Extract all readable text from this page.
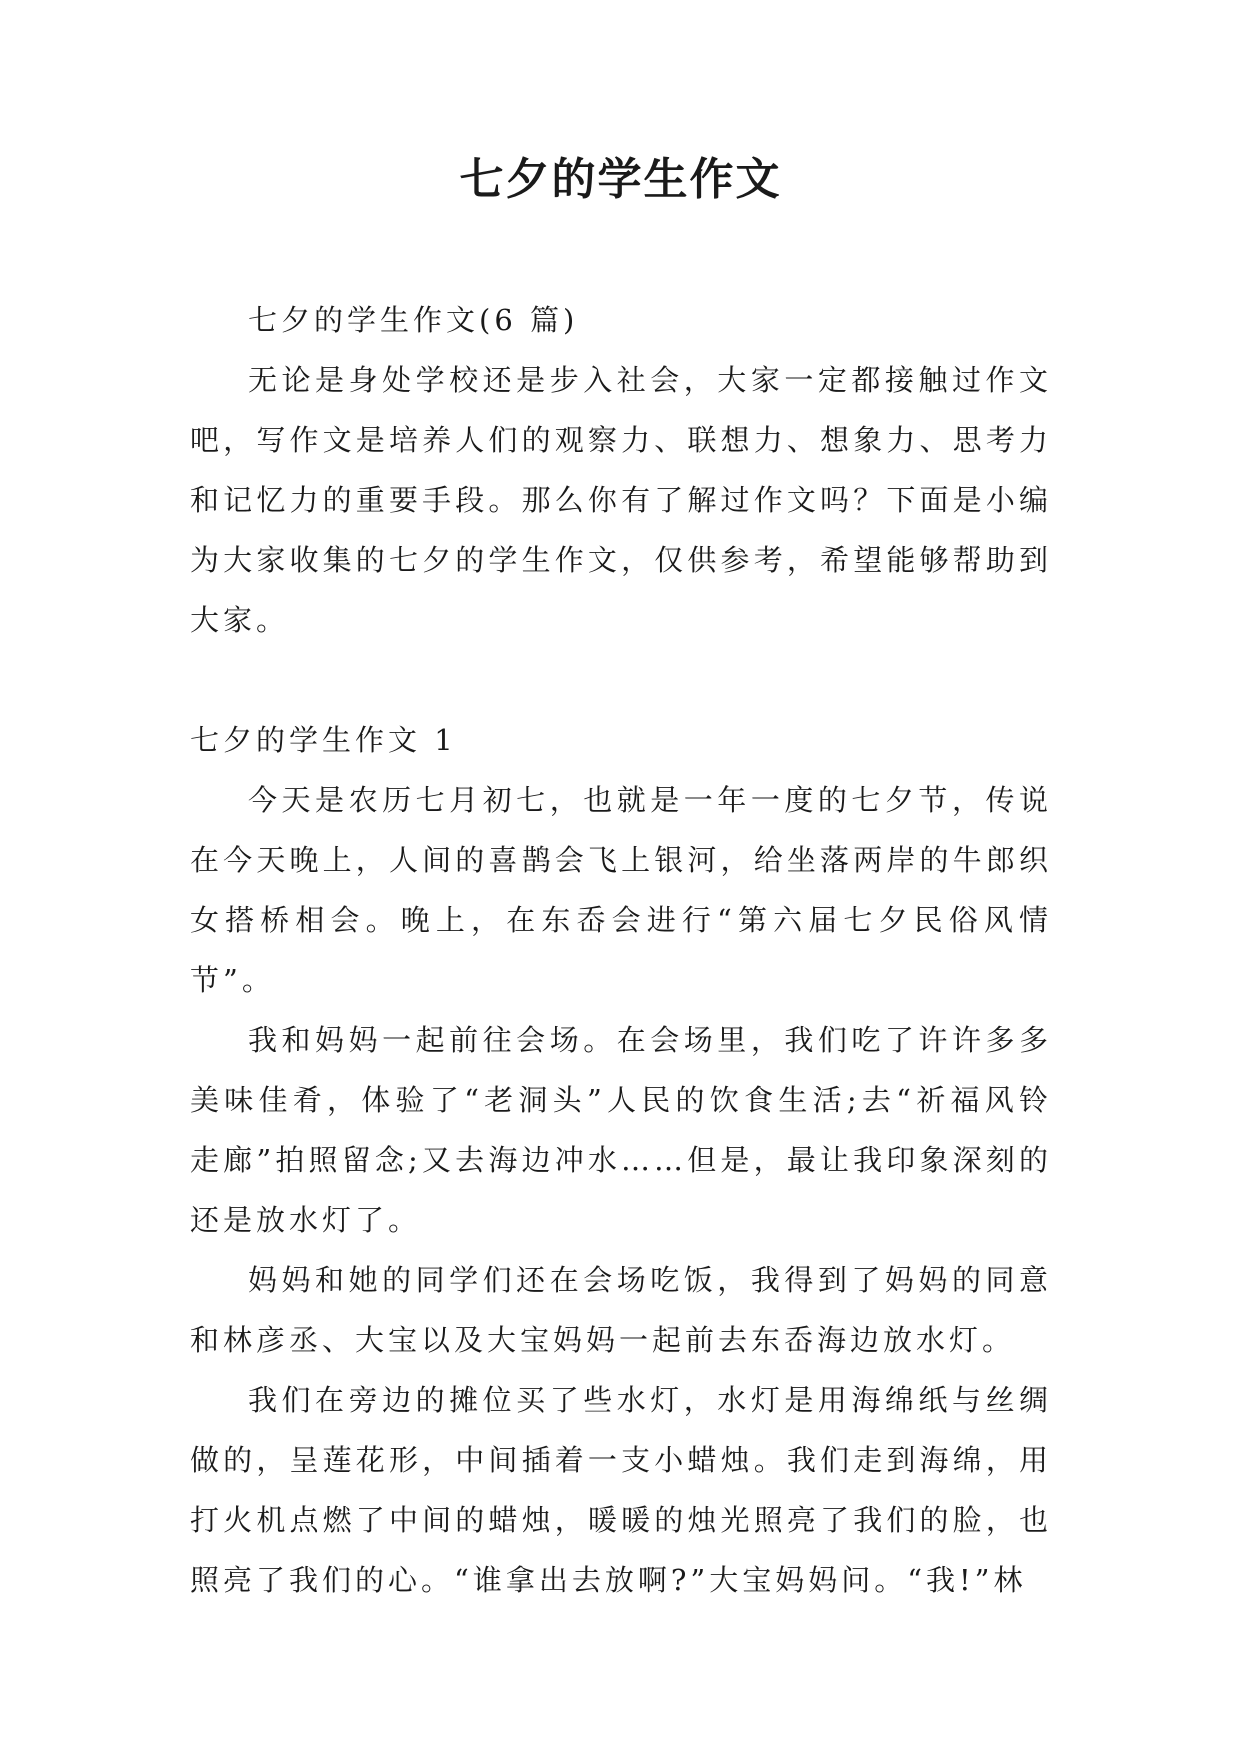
七夕的学生作文

七夕的学生作文(6 篇)

无论是身处学校还是步入社会，大家一定都接触过作文吧，写作文是培养人们的观察力、联想力、想象力、思考力和记忆力的重要手段。那么你有了解过作文吗？下面是小编为大家收集的七夕的学生作文，仅供参考，希望能够帮助到大家。

七夕的学生作文 1

今天是农历七月初七，也就是一年一度的七夕节，传说在今天晚上，人间的喜鹊会飞上银河，给坐落两岸的牛郎织女搭桥相会。晚上，在东岙会进行“第六届七夕民俗风情节”。

我和妈妈一起前往会场。在会场里，我们吃了许许多多美味佳肴，体验了“老洞头”人民的饮食生活;去“祈福风铃走廊”拍照留念;又去海边冲水……但是，最让我印象深刻的还是放水灯了。

妈妈和她的同学们还在会场吃饭，我得到了妈妈的同意和林彦丞、大宝以及大宝妈妈一起前去东岙海边放水灯。

我们在旁边的摊位买了些水灯，水灯是用海绵纸与丝绸做的，呈莲花形，中间插着一支小蜡烛。我们走到海绵，用打火机点燃了中间的蜡烛，暖暖的烛光照亮了我们的脸，也照亮了我们的心。“谁拿出去放啊?”大宝妈妈问。“我!”林
